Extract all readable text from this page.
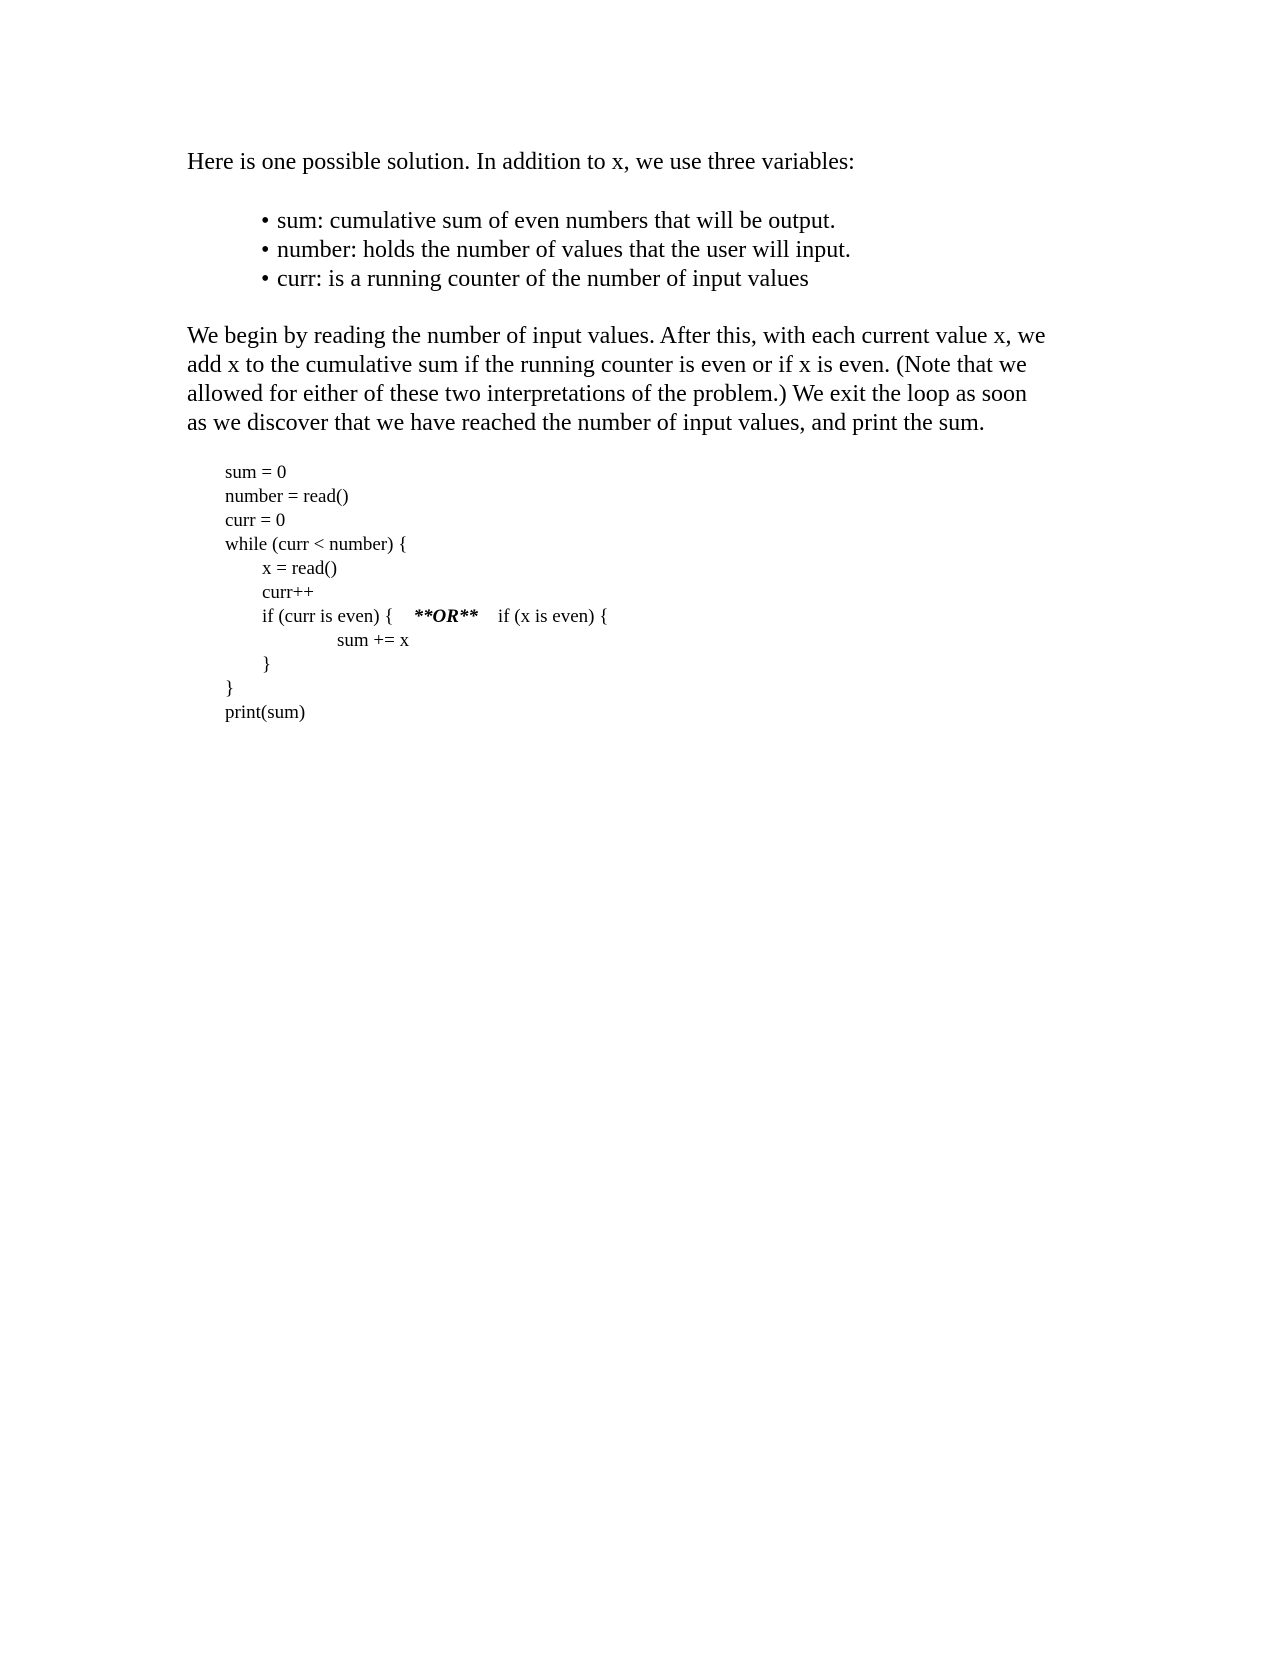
Here is one possible solution. In addition to x, we use three variables:

• sum: cumulative sum of even numbers that will be output.
• number: holds the number of values that the user will input.
• curr: is a running counter of the number of input values

We begin by reading the number of input values. After this, with each current value x, we
add x to the cumulative sum if the running counter is even or if x is even. (Note that we
allowed for either of these two interpretations of the problem.) We exit the loop as soon
as we discover that we have reached the number of input values, and print the sum.

sum = 0
number = read()
curr = 0
while (curr < number) {
x = read()
curr++
if (curr is even) { **OR** if (x is even) {
sum += x
}
}
print(sum)
